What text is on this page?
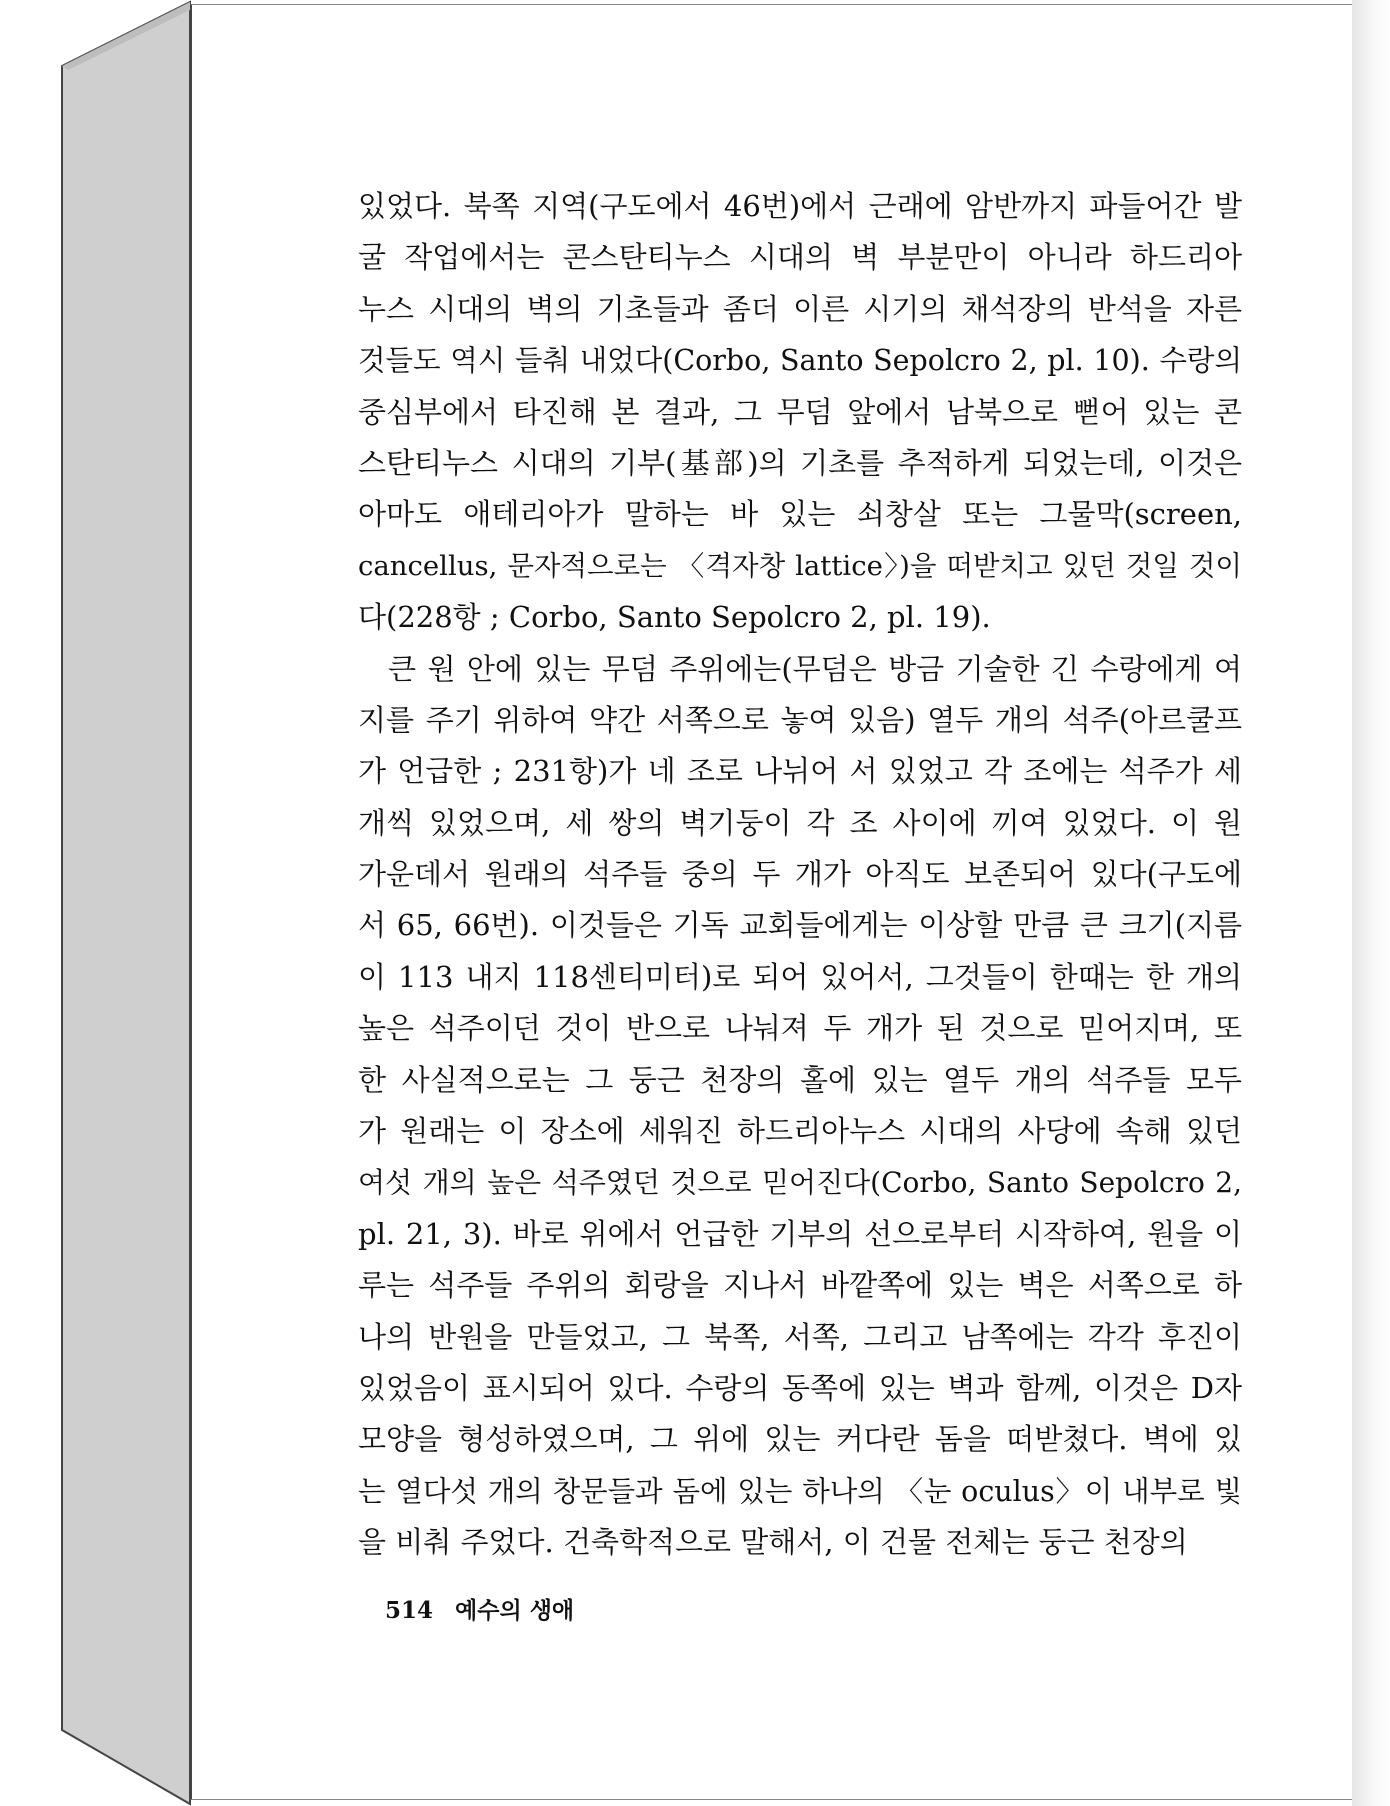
있었다. 북쪽 지역(구도에서 46번)에서 근래에 암반까지 파들어간 발
굴 작업에서는 콘스탄티누스 시대의 벽 부분만이 아니라 하드리아
누스 시대의 벽의 기초들과 좀더 이른 시기의 채석장의 반석을 자른
것들도 역시 들춰 내었다(Corbo, Santo Sepolcro 2, pl. 10). 수랑의
중심부에서 타진해 본 결과, 그 무덤 앞에서 남북으로 뻗어 있는 콘
스탄티누스 시대의 기부(基部)의 기초를 추적하게 되었는데, 이것은
아마도 애테리아가 말하는 바 있는 쇠창살 또는 그물막(screen,
cancellus, 문자적으로는 〈격자창 lattice〉)을 떠받치고 있던 것일 것이
다(228항 ; Corbo, Santo Sepolcro 2, pl. 19).
큰 원 안에 있는 무덤 주위에는(무덤은 방금 기술한 긴 수랑에게 여
지를 주기 위하여 약간 서쪽으로 놓여 있음) 열두 개의 석주(아르쿨프
가 언급한 ; 231항)가 네 조로 나뉘어 서 있었고 각 조에는 석주가 세
개씩 있었으며, 세 쌍의 벽기둥이 각 조 사이에 끼여 있었다. 이 원
가운데서 원래의 석주들 중의 두 개가 아직도 보존되어 있다(구도에
서 65, 66번). 이것들은 기독 교회들에게는 이상할 만큼 큰 크기(지름
이 113 내지 118센티미터)로 되어 있어서, 그것들이 한때는 한 개의
높은 석주이던 것이 반으로 나눠져 두 개가 된 것으로 믿어지며, 또
한 사실적으로는 그 둥근 천장의 홀에 있는 열두 개의 석주들 모두
가 원래는 이 장소에 세워진 하드리아누스 시대의 사당에 속해 있던
여섯 개의 높은 석주였던 것으로 믿어진다(Corbo, Santo Sepolcro 2,
pl. 21, 3). 바로 위에서 언급한 기부의 선으로부터 시작하여, 원을 이
루는 석주들 주위의 회랑을 지나서 바깥쪽에 있는 벽은 서쪽으로 하
나의 반원을 만들었고, 그 북쪽, 서쪽, 그리고 남쪽에는 각각 후진이
있었음이 표시되어 있다. 수랑의 동쪽에 있는 벽과 함께, 이것은 D자
모양을 형성하였으며, 그 위에 있는 커다란 돔을 떠받쳤다. 벽에 있
는 열다섯 개의 창문들과 돔에 있는 하나의 〈눈 oculus〉이 내부로 빛
을 비춰 주었다. 건축학적으로 말해서, 이 건물 전체는 둥근 천장의
514 예수의 생애
